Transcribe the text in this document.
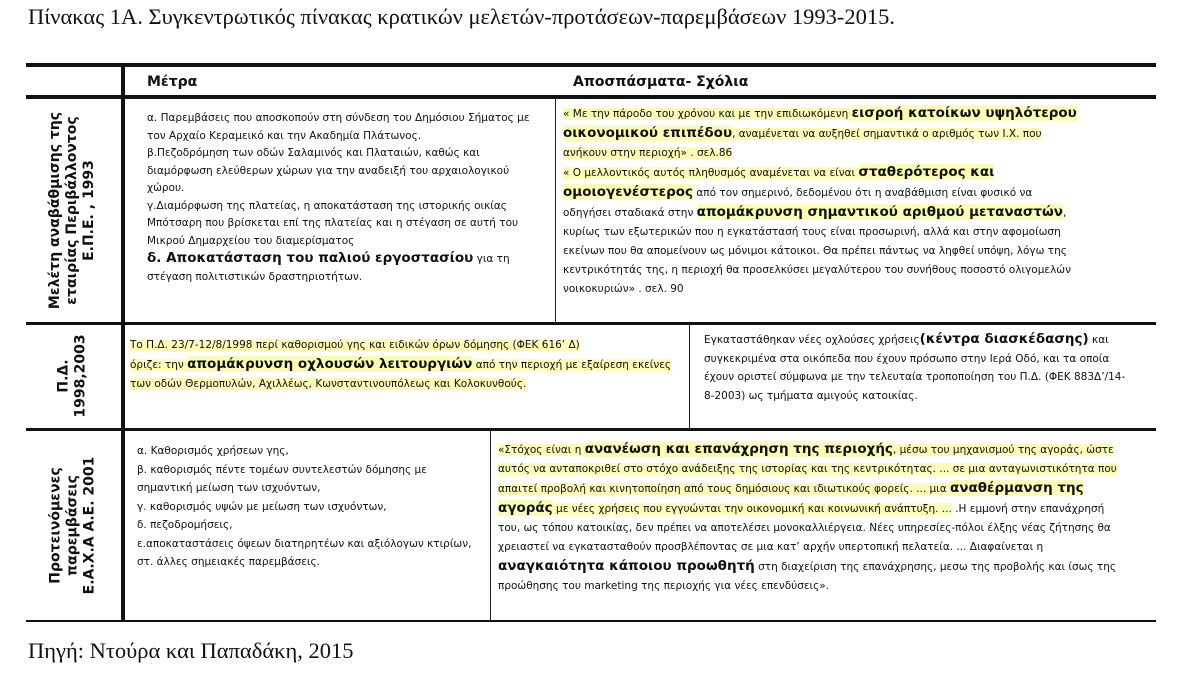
Πίνακας 1Α. Συγκεντρωτικός πίνακας κρατικών μελετών-προτάσεων-παρεμβάσεων 1993-2015.
Μέτρα	Αποσπάσματα- Σχόλια
Μελέτη αναβάθμισης της
εταιρίας Περιβάλλοντος
Ε.Π.Ε. , 1993
Π.Δ.
1998,2003
Προτεινόμενες
παρεμβάσεις
Ε.Α.Χ.Α Α.Ε. 2001

α. Παρεμβάσεις που αποσκοπούν στη σύνδεση του Δημόσιου Σήματος με τον Αρχαίο Κεραμεικό και την Ακαδημία Πλάτωνος.

β.Πεζοδρόμηση των οδών Σαλαμινός και Πλαταιών, καθώς και διαμόρφωση ελεύθερων χώρων για την αναδειξή του αρχαιολογικού χώρου.

γ.Διαμόρφωση της πλατείας, η αποκατάσταση της ιστορικής οικίας Μπότσαρη που βρίσκεται επί της πλατείας και η στέγαση σε αυτή του Μικρού Δημαρχείου του διαμερίσματος

δ. Αποκατάσταση του παλιού εργοστασίου για τη στέγαση πολιτιστικών δραστηριοτήτων.

« Με την πάροδο του χρόνου και με την επιδιωκόμενη εισροή κατοίκων υψηλότερου οικονομικού επιπέδου, αναμένεται να αυξηθεί σημαντικά ο αριθμός των Ι.Χ. που ανήκουν στην περιοχή» . σελ.86

« Ο μελλοντικός αυτός πληθυσμός αναμένεται να είναι σταθερότερος και ομοιογενέστερος από τον σημερινό, δεδομένου ότι η αναβάθμιση είναι φυσικό να οδηγήσει σταδιακά στην απομάκρυνση σημαντικού αριθμού μεταναστών, κυρίως των εξωτερικών που η εγκατάστασή τους είναι προσωρινή, αλλά και στην αφομοίωση εκείνων που θα απομείνουν ως μόνιμοι κάτοικοι. Θα πρέπει πάντως να ληφθεί υπόψη, λόγω της κεντρικότητάς της, η περιοχή θα προσελκύσει μεγαλύτερου του συνήθους ποσοστό ολιγομελών νοικοκυριών» . σελ. 90

Το Π.Δ. 23/7-12/8/1998 περί καθορισμού γης και ειδικών όρων δόμησης (ΦΕΚ 616’ Δ)

όριζε: την απομάκρυνση οχλουσών λειτουργιών από την περιοχή με εξαίρεση εκείνες των οδών Θερμοπυλών, Αχιλλέως, Κωνσταντινουπόλεως και Κολοκυνθούς.

Εγκαταστάθηκαν νέες οχλούσες χρήσεις(κέντρα διασκέδασης) και συγκεκριμένα στα οικόπεδα που έχουν πρόσωπο στην Ιερά Οδό, και τα οποία έχουν οριστεί σύμφωνα με την τελευταία τροποποίηση του Π.Δ. (ΦΕΚ 883Δ’/14-8-2003) ως τμήματα αμιγούς κατοικίας.

α. Καθορισμός χρήσεων γης,

β. καθορισμός πέντε τομέων συντελεστών δόμησης με σημαντική μείωση των ισχυόντων,

γ. καθορισμός υψών με μείωση των ισχυόντων,

δ. πεζοδρομήσεις,

ε.αποκαταστάσεις όψεων διατηρητέων και αξιόλογων κτιρίων,

στ. άλλες σημειακές παρεμβάσεις.

«Στόχος είναι η ανανέωση και επανάχρηση της περιοχής, μέσω του μηχανισμού της αγοράς, ώστε αυτός να ανταποκριθεί στο στόχο ανάδειξης της ιστορίας και της κεντρικότητας. ... σε μια ανταγωνιστικότητα που απαιτεί προβολή και κινητοποίηση από τους δημόσιους και ιδιωτικούς φορείς. ... μια αναθέρμανση της αγοράς με νέες χρήσεις που εγγυώνται την οικονομική και κοινωνική ανάπτυξη. ... .Η εμμονή στην επανάχρησή του, ως τόπου κατοικίας, δεν πρέπει να αποτελέσει μονοκαλλιέργεια. Νέες υπηρεσίες-πόλοι έλξης νέας ζήτησης θα χρειαστεί να εγκατασταθούν προσβλέποντας σε μια κατ’ αρχήν υπερτοπική πελατεία. ... Διαφαίνεται η αναγκαιότητα κάποιου προωθητή στη διαχείριση της επανάχρησης, μεσω της προβολής και ίσως της προώθησης του marketing της περιοχής για νέες επενδύσεις».

Πηγή: Ντούρα και Παπαδάκη, 2015
